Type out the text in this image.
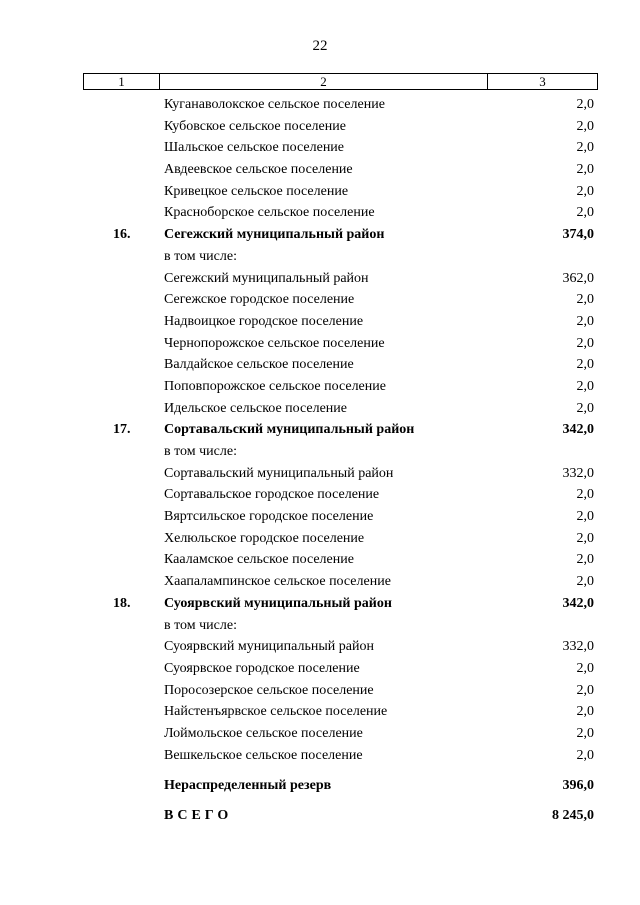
22
1	2	3
Куганаволокское сельское поселение	2,0
Кубовское сельское поселение	2,0
Шальское сельское поселение	2,0
Авдеевское сельское поселение	2,0
Кривецкое сельское поселение	2,0
Красноборское сельское поселение	2,0
16. Сегежский муниципальный район	374,0
в том числе:
Сегежский муниципальный район	362,0
Сегежское городское поселение	2,0
Надвоицкое городское поселение	2,0
Чернопорожское сельское поселение	2,0
Валдайское сельское поселение	2,0
Поповпорожское сельское поселение	2,0
Идельское сельское поселение	2,0
17. Сортавальский муниципальный район	342,0
в том числе:
Сортавальский муниципальный район	332,0
Сортавальское городское поселение	2,0
Вяртсильское городское поселение	2,0
Хелюльское городское поселение	2,0
Кааламское сельское поселение	2,0
Хаапалампинское сельское поселение	2,0
18. Суоярвский муниципальный район	342,0
в том числе:
Суоярвский муниципальный район	332,0
Суоярвское городское поселение	2,0
Поросозерское сельское поселение	2,0
Найстенъярвское сельское поселение	2,0
Лоймольское сельское поселение	2,0
Вешкельское сельское поселение	2,0
Нераспределенный резерв	396,0
ВСЕГО	8 245,0
